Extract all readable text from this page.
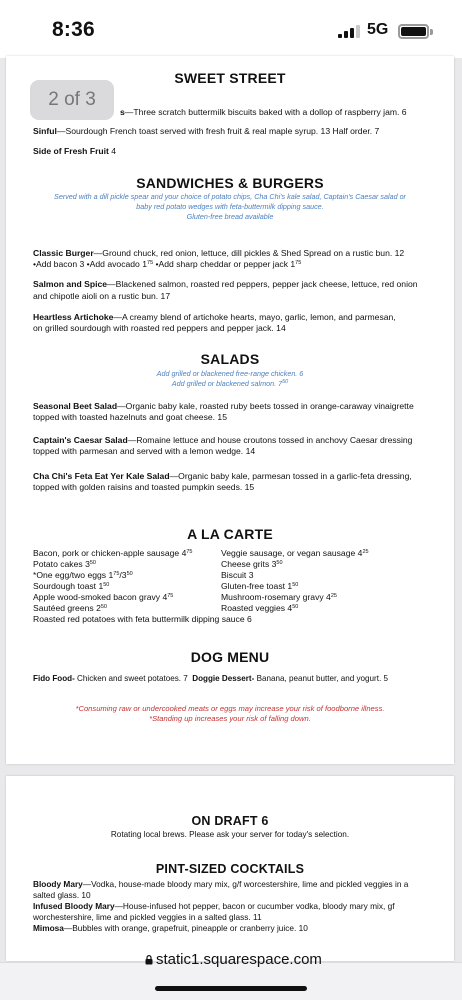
8:36	5G
SWEET STREET
s—Three scratch buttermilk biscuits baked with a dollop of raspberry jam. 6
Sinful—Sourdough French toast served with fresh fruit & real maple syrup. 13 Half order. 7
Side of Fresh Fruit 4
SANDWICHES & BURGERS
Served with a dill pickle spear and your choice of potato chips, Cha Chi's kale salad, Captain's Caesar salad or
baby red potato wedges with feta-buttermilk dipping sauce.
Gluten-free bread available
Classic Burger—Ground chuck, red onion, lettuce, dill pickles & Shed Spread on a rustic bun. 12
•Add bacon 3 •Add avocado $1^{75}$ •Add sharp cheddar or pepper jack $1^{75}$
Salmon and Spice—Blackened salmon, roasted red peppers, pepper jack cheese, lettuce, red onion
and chipotle aioli on a rustic bun. 17
Heartless Artichoke—A creamy blend of artichoke hearts, mayo, garlic, lemon, and parmesan,
on grilled sourdough with roasted red peppers and pepper jack. 14
SALADS
Add grilled or blackened free-range chicken. 6
Add grilled or blackened salmon. $7^{50}$
Seasonal Beet Salad—Organic baby kale, roasted ruby beets tossed in orange-caraway vinaigrette
topped with toasted hazelnuts and goat cheese. 15
Captain's Caesar Salad—Romaine lettuce and house croutons tossed in anchovy Caesar dressing
topped with parmesan and served with a lemon wedge. 14
Cha Chi's Feta Eat Yer Kale Salad—Organic baby kale, parmesan tossed in a garlic-feta dressing,
topped with golden raisins and toasted pumpkin seeds. 15
A LA CARTE
Bacon, pork or chicken-apple sausage $4^{75}$
Potato cakes $3^{50}$
*One egg/two eggs $1^{75}/3^{50}$
Sourdough toast $1^{50}$
Apple wood-smoked bacon gravy $4^{75}$
Sautéed greens $2^{50}$
Veggie sausage, or vegan sausage $4^{25}$
Cheese grits $3^{50}$
Biscuit 3
Gluten-free toast $1^{50}$
Mushroom-rosemary gravy $4^{25}$
Roasted veggies $4^{50}$
Roasted red potatoes with feta buttermilk dipping sauce 6
DOG MENU
Fido Food- Chicken and sweet potatoes. 7 Doggie Dessert- Banana, peanut butter, and yogurt. 5
*Consuming raw or undercooked meats or eggs may increase your risk of foodborne illness.
*Standing up increases your risk of falling down.
2 of 3
ON DRAFT 6
Rotating local brews. Please ask your server for today's selection.
PINT-SIZED COCKTAILS
Bloody Mary—Vodka, house-made bloody mary mix, g/f worcestershire, lime and pickled veggies in a
salted glass. 10
Infused Bloody Mary—House-infused hot pepper, bacon or cucumber vodka, bloody mary mix, gf
worchestershire, lime and pickled veggies in a salted glass. 11
Mimosa—Bubbles with orange, grapefruit, pineapple or cranberry juice. 10
static1.squarespace.com
